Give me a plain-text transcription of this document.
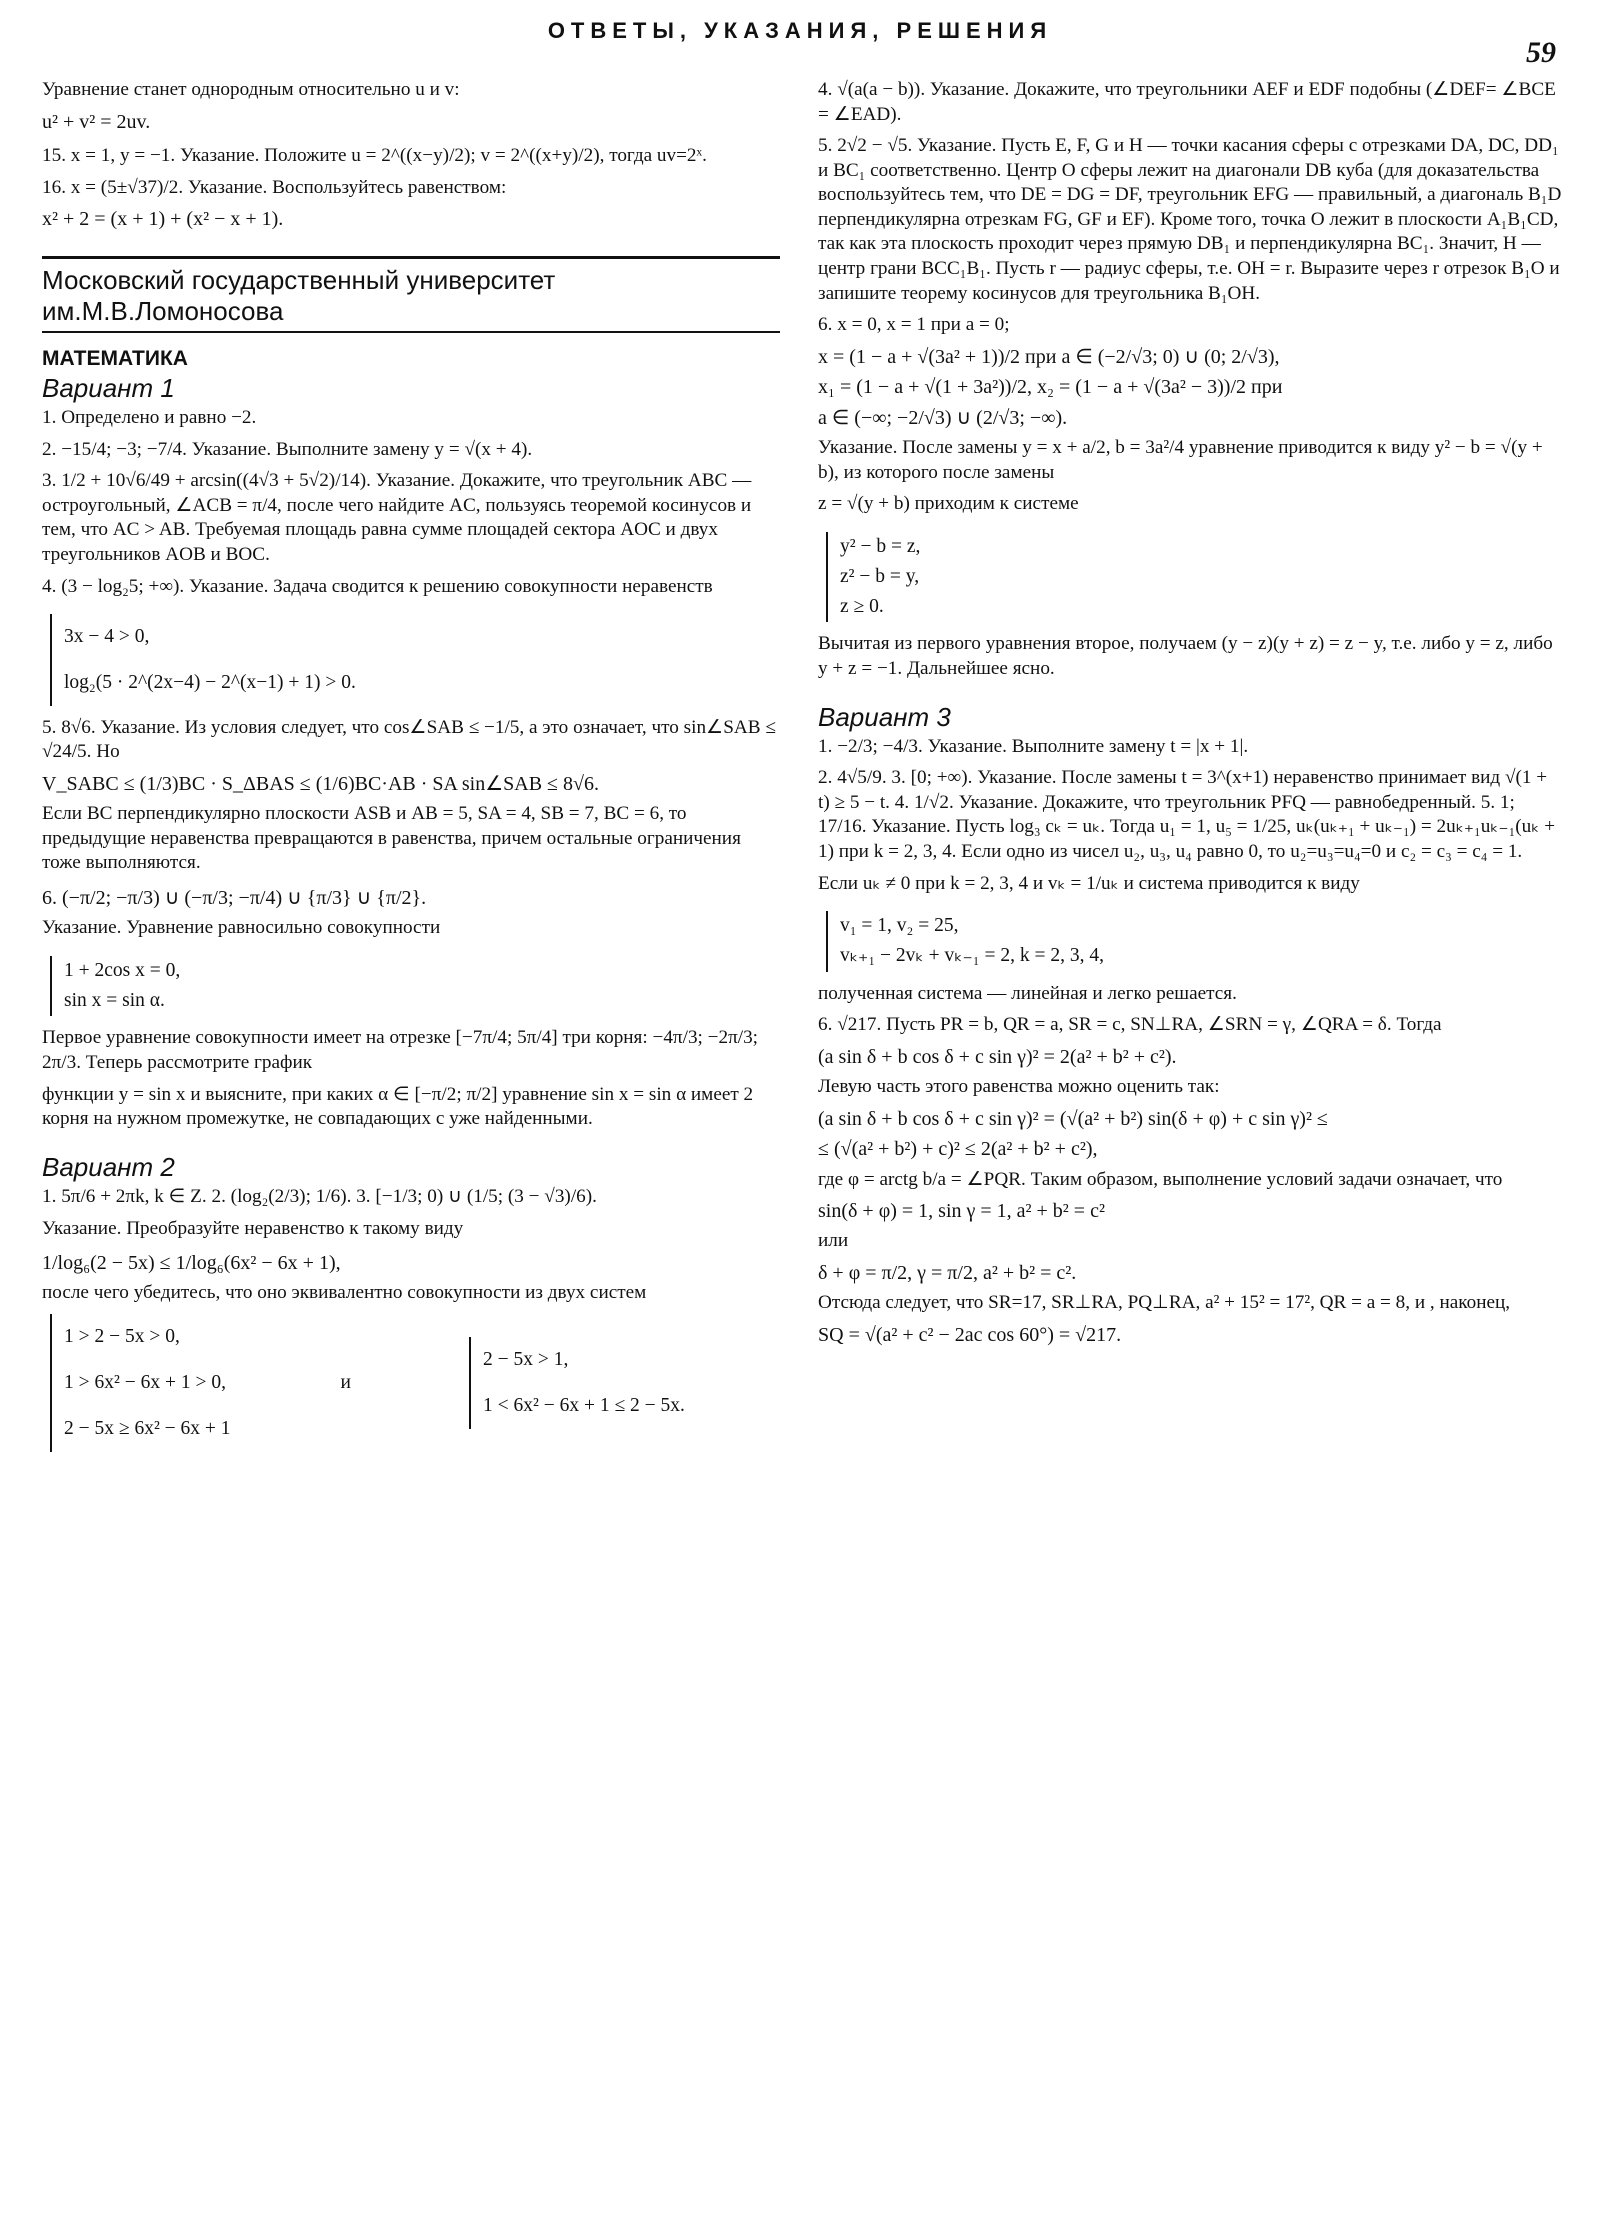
ОТВЕТЫ, УКАЗАНИЯ, РЕШЕНИЯ
59
Уравнение станет однородным относительно u и v:
u² + v² = 2uv.
15. x = 1, y = −1. Указание. Положите u = 2^((x−y)/2); v = 2^((x+y)/2), тогда uv=2ˣ.
16. x = (5±√37)/2. Указание. Воспользуйтесь равенством:
x² + 2 = (x + 1) + (x² − x + 1).
Московский государственный университет им.М.В.Ломоносова
МАТЕМАТИКА
Вариант 1
1. Определено и равно −2.
2. −15/4; −3; −7/4. Указание. Выполните замену y = √(x + 4).
3. 1/2 + 10√6/49 + arcsin((4√3 + 5√2)/14). Указание. Докажите, что треугольник ABC — остроугольный, ∠ACB = π/4, после чего найдите AC, пользуясь теоремой косинусов и тем, что AC > AB. Требуемая площадь равна сумме площадей сектора AOC и двух треугольников AOB и BOC.
4. (3 − log₂5; +∞). Указание. Задача сводится к решению совокупности неравенств
3x − 4 > 0,
log₂(5 · 2^(2x−4) − 2^(x−1) + 1) > 0.
5. 8√6. Указание. Из условия следует, что cos∠SAB ≤ −1/5, а это означает, что sin∠SAB ≤ √24/5. Но
V_SABC ≤ (1/3)BC · S_ΔBAS ≤ (1/6)BC·AB · SA sin∠SAB ≤ 8√6.
Если BC перпендикулярно плоскости ASB и AB = 5, SA = 4, SB = 7, BC = 6, то предыдущие неравенства превращаются в равенства, причем остальные ограничения тоже выполняются.
6. (−π/2; −π/3) ∪ (−π/3; −π/4) ∪ {π/3} ∪ {π/2}.
Указание. Уравнение равносильно совокупности
1 + 2cos x = 0,
sin x = sin α.
Первое уравнение совокупности имеет на отрезке [−7π/4; 5π/4] три корня: −4π/3; −2π/3; 2π/3. Теперь рассмотрите график
функции y = sin x и выясните, при каких α ∈ [−π/2; π/2] уравнение sin x = sin α имеет 2 корня на нужном промежутке, не совпадающих с уже найденными.
Вариант 2
1. 5π/6 + 2πk, k ∈ Z. 2. (log₂(2/3); 1/6). 3. [−1/3; 0) ∪ (1/5; (3 − √3)/6).
Указание. Преобразуйте неравенство к такому виду
1/log₆(2 − 5x) ≤ 1/log₆(6x² − 6x + 1),
после чего убедитесь, что оно эквивалентно совокупности из двух систем
1 > 2 − 5x > 0,
1 > 6x² − 6x + 1 > 0,
2 − 5x ≥ 6x² − 6x + 1
и
2 − 5x > 1,
1 < 6x² − 6x + 1 ≤ 2 − 5x.
4. √(a(a − b)). Указание. Докажите, что треугольники AEF и EDF подобны (∠DEF= ∠BCE = ∠EAD).
5. 2√2 − √5. Указание. Пусть E, F, G и H — точки касания сферы с отрезками DA, DC, DD₁ и BC₁ соответственно. Центр O сферы лежит на диагонали DB куба (для доказательства воспользуйтесь тем, что DE = DG = DF, треугольник EFG — правильный, а диагональ B₁D перпендикулярна отрезкам FG, GF и EF). Кроме того, точка O лежит в плоскости A₁B₁CD, так как эта плоскость проходит через прямую DB₁ и перпендикулярна BC₁. Значит, H — центр грани BCC₁B₁. Пусть r — радиус сферы, т.е. OH = r. Выразите через r отрезок B₁O и запишите теорему косинусов для треугольника B₁OH.
6. x = 0, x = 1 при a = 0;
x = (1 − a + √(3a² + 1))/2 при a ∈ (−2/√3; 0) ∪ (0; 2/√3),
x₁ = (1 − a + √(1 + 3a²))/2, x₂ = (1 − a + √(3a² − 3))/2 при
a ∈ (−∞; −2/√3) ∪ (2/√3; −∞).
Указание. После замены y = x + a/2, b = 3a²/4 уравнение приводится к виду y² − b = √(y + b), из которого после замены
z = √(y + b) приходим к системе
y² − b = z,
z² − b = y,
z ≥ 0.
Вычитая из первого уравнения второе, получаем (y − z)(y + z) = z − y, т.е. либо y = z, либо y + z = −1. Дальнейшее ясно.
Вариант 3
1. −2/3; −4/3. Указание. Выполните замену t = |x + 1|.
2. 4√5/9. 3. [0; +∞). Указание. После замены t = 3^(x+1) неравенство принимает вид √(1 + t) ≥ 5 − t. 4. 1/√2. Указание. Докажите, что треугольник PFQ — равнобедренный. 5. 1; 17/16. Указание. Пусть log₃ cₖ = uₖ. Тогда u₁ = 1, u₅ = 1/25, uₖ(uₖ₊₁ + uₖ₋₁) = 2uₖ₊₁uₖ₋₁(uₖ + 1) при k = 2, 3, 4. Если одно из чисел u₂, u₃, u₄ равно 0, то u₂=u₃=u₄=0 и c₂ = c₃ = c₄ = 1.
Если uₖ ≠ 0 при k = 2, 3, 4 и vₖ = 1/uₖ и система приводится к виду
v₁ = 1, v₂ = 25,
vₖ₊₁ − 2vₖ + vₖ₋₁ = 2, k = 2, 3, 4,
полученная система — линейная и легко решается.
6. √217. Пусть PR = b, QR = a, SR = c, SN⊥RA, ∠SRN = γ, ∠QRA = δ. Тогда
(a sin δ + b cos δ + c sin γ)² = 2(a² + b² + c²).
Левую часть этого равенства можно оценить так:
(a sin δ + b cos δ + c sin γ)² = (√(a² + b²) sin(δ + φ) + c sin γ)² ≤
≤ (√(a² + b²) + c)² ≤ 2(a² + b² + c²),
где φ = arctg b/a = ∠PQR. Таким образом, выполнение условий задачи означает, что
sin(δ + φ) = 1, sin γ = 1, a² + b² = c²
или
δ + φ = π/2, γ = π/2, a² + b² = c².
Отсюда следует, что SR=17, SR⊥RA, PQ⊥RA, a² + 15² = 17², QR = a = 8, и , наконец,
SQ = √(a² + c² − 2ac cos 60°) = √217.
